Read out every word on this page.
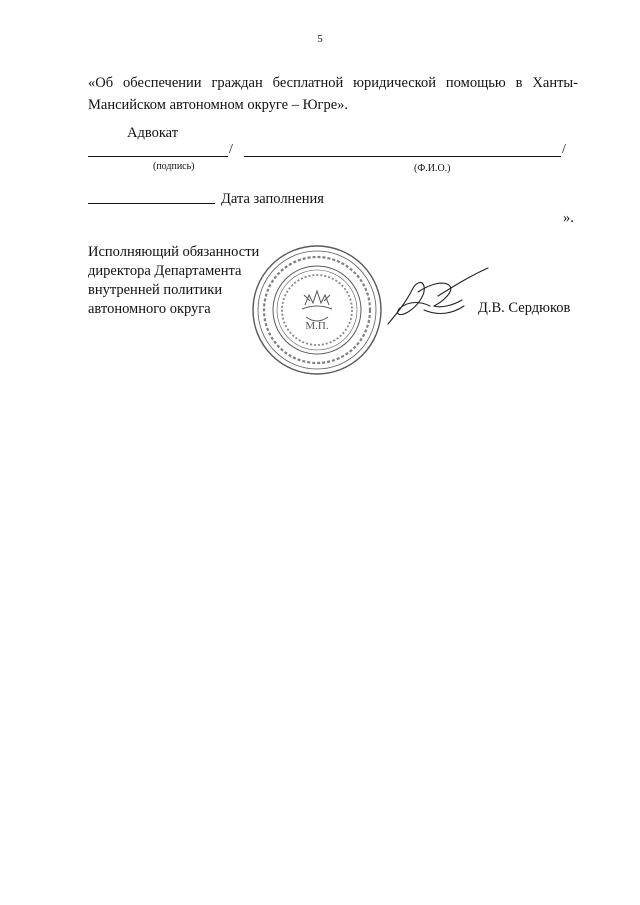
5
«Об обеспечении граждан бесплатной юридической помощью в Ханты-
Мансийском автономном округе – Югре».
Адвокат
/	/
(подпись)	(Ф.И.О.)
Дата заполнения
».
Исполняющий обязанности
директора Департамента
внутренней политики
автономного округа
М.П.
Д.В. Сердюков
